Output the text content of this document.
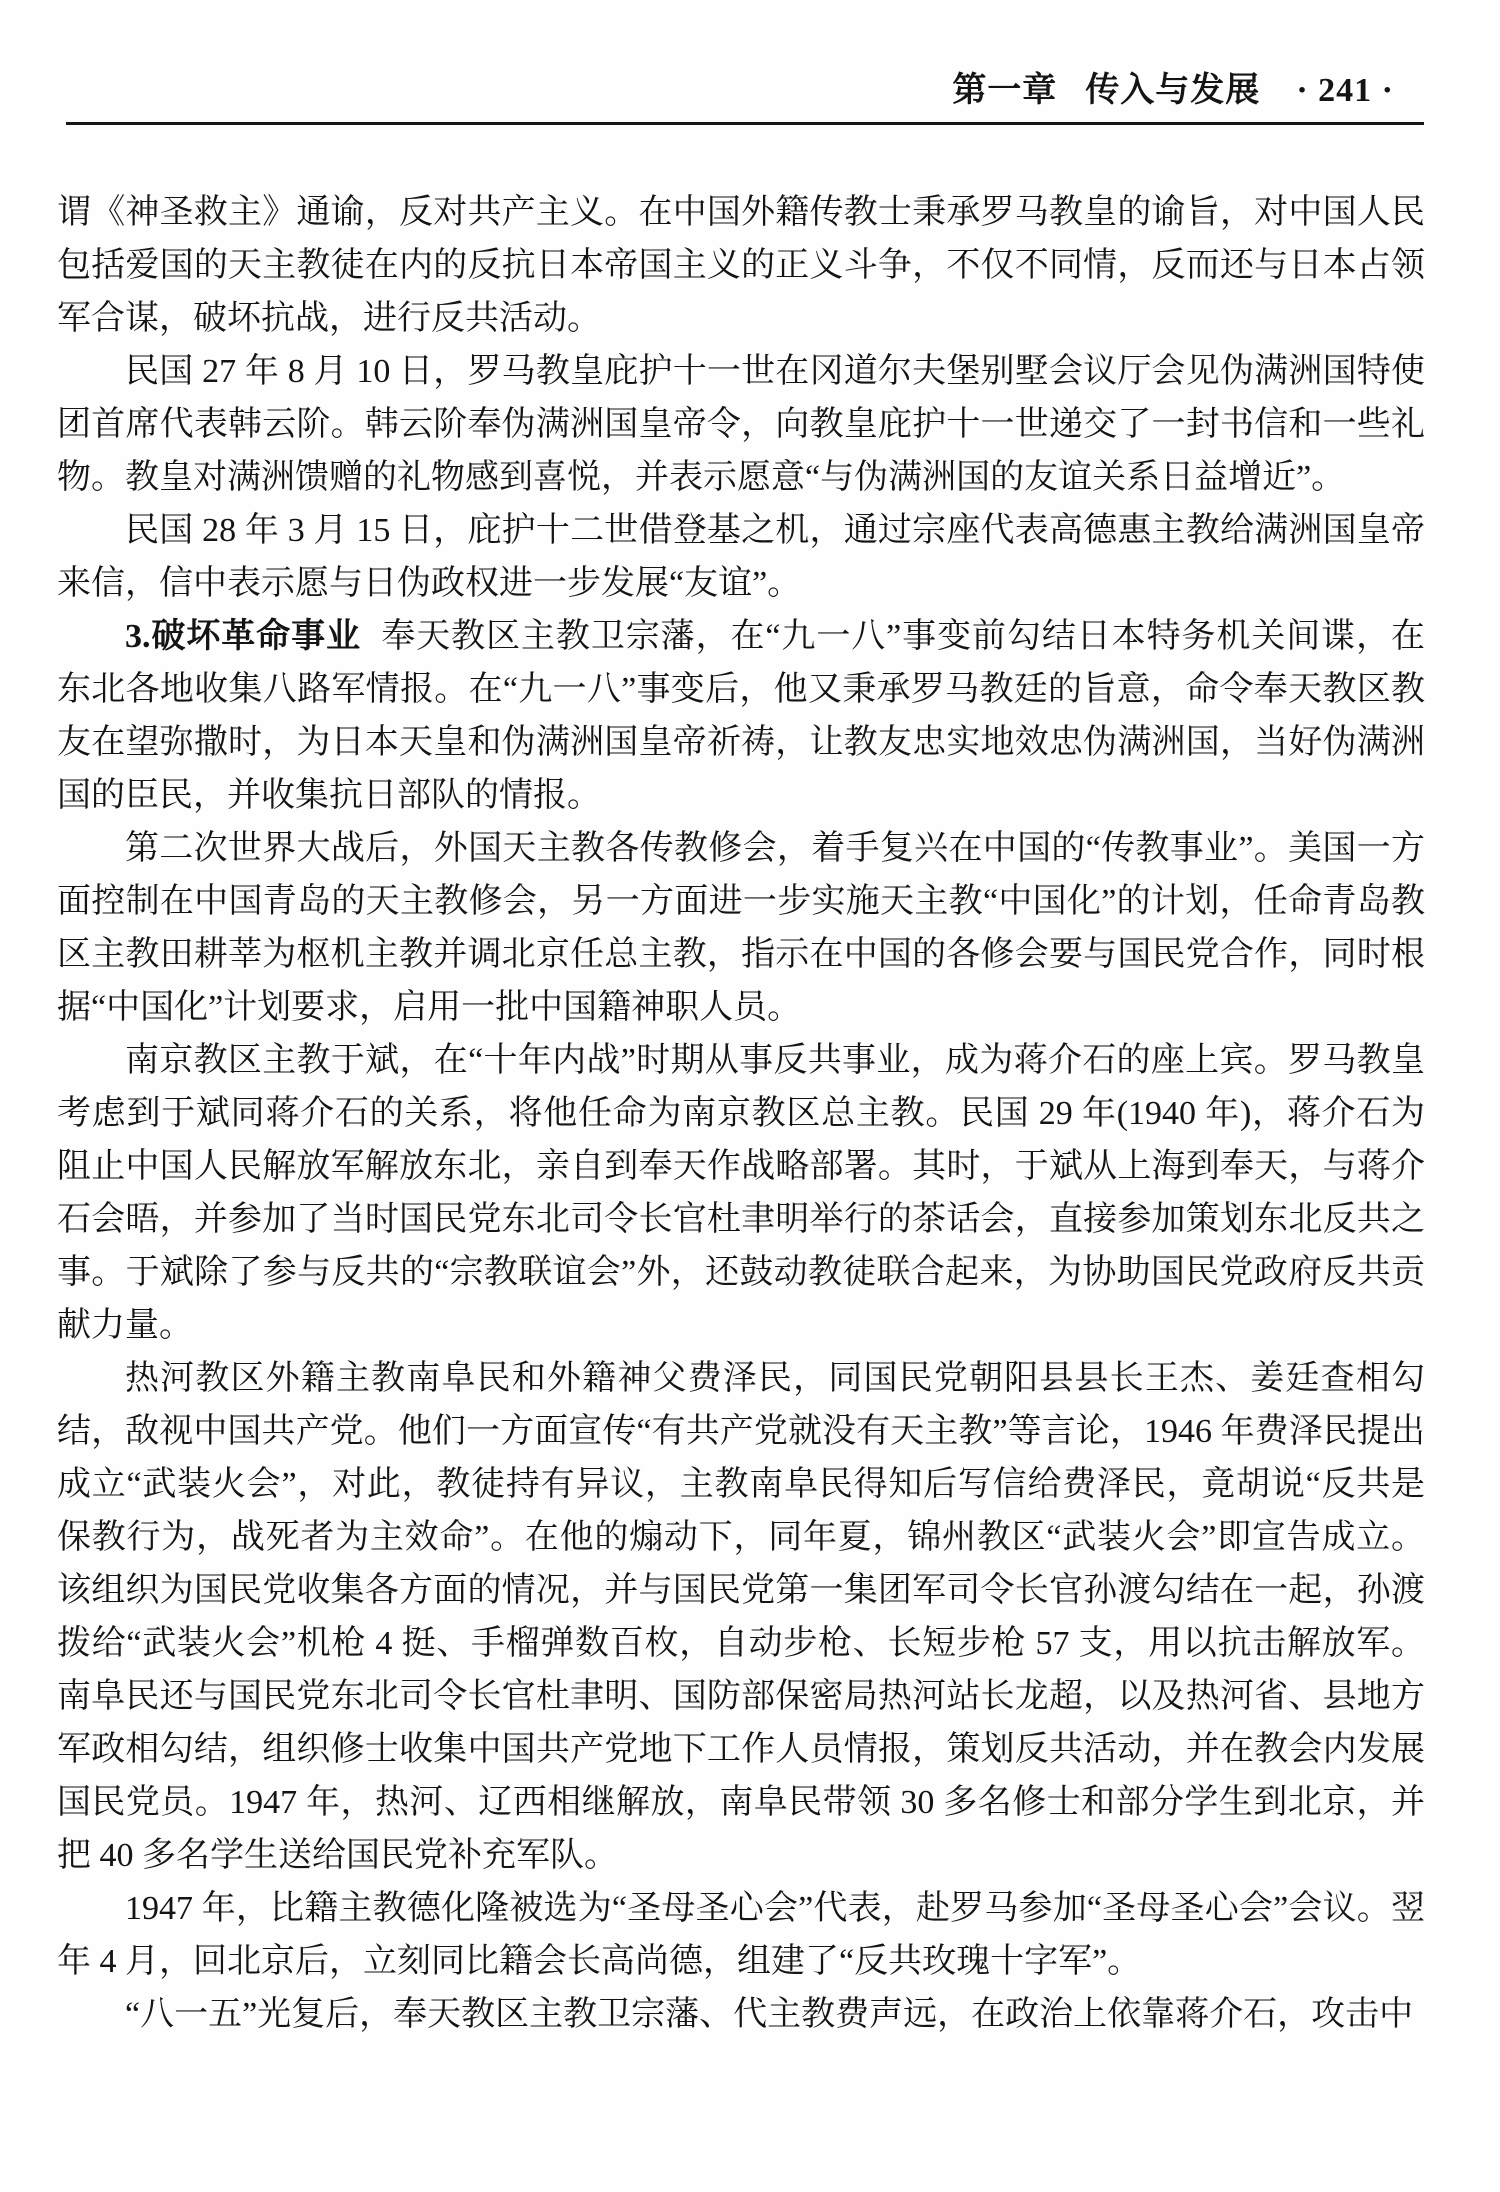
第一章 传入与发展 · 241 ·

谓《神圣救主》通谕，反对共产主义。在中国外籍传教士秉承罗马教皇的谕旨，对中国人民包括爱国的天主教徒在内的反抗日本帝国主义的正义斗争，不仅不同情，反而还与日本占领军合谋，破坏抗战，进行反共活动。

民国 27 年 8 月 10 日，罗马教皇庇护十一世在冈道尔夫堡别墅会议厅会见伪满洲国特使团首席代表韩云阶。韩云阶奉伪满洲国皇帝令，向教皇庇护十一世递交了一封书信和一些礼物。教皇对满洲馈赠的礼物感到喜悦，并表示愿意“与伪满洲国的友谊关系日益增近”。

民国 28 年 3 月 15 日，庇护十二世借登基之机，通过宗座代表高德惠主教给满洲国皇帝来信，信中表示愿与日伪政权进一步发展“友谊”。

3.破坏革命事业 奉天教区主教卫宗藩，在“九一八”事变前勾结日本特务机关间谍，在东北各地收集八路军情报。在“九一八”事变后，他又秉承罗马教廷的旨意，命令奉天教区教友在望弥撒时，为日本天皇和伪满洲国皇帝祈祷，让教友忠实地效忠伪满洲国，当好伪满洲国的臣民，并收集抗日部队的情报。

第二次世界大战后，外国天主教各传教修会，着手复兴在中国的“传教事业”。美国一方面控制在中国青岛的天主教修会，另一方面进一步实施天主教“中国化”的计划，任命青岛教区主教田耕莘为枢机主教并调北京任总主教，指示在中国的各修会要与国民党合作，同时根据“中国化”计划要求，启用一批中国籍神职人员。

南京教区主教于斌，在“十年内战”时期从事反共事业，成为蒋介石的座上宾。罗马教皇考虑到于斌同蒋介石的关系，将他任命为南京教区总主教。民国 29 年(1940 年)，蒋介石为阻止中国人民解放军解放东北，亲自到奉天作战略部署。其时，于斌从上海到奉天，与蒋介石会晤，并参加了当时国民党东北司令长官杜聿明举行的茶话会，直接参加策划东北反共之事。于斌除了参与反共的“宗教联谊会”外，还鼓动教徒联合起来，为协助国民党政府反共贡献力量。

热河教区外籍主教南阜民和外籍神父费泽民，同国民党朝阳县县长王杰、姜廷查相勾结，敌视中国共产党。他们一方面宣传“有共产党就没有天主教”等言论，1946 年费泽民提出成立“武装火会”，对此，教徒持有异议，主教南阜民得知后写信给费泽民，竟胡说“反共是保教行为，战死者为主效命”。在他的煽动下，同年夏，锦州教区“武装火会”即宣告成立。该组织为国民党收集各方面的情况，并与国民党第一集团军司令长官孙渡勾结在一起，孙渡拨给“武装火会”机枪 4 挺、手榴弹数百枚，自动步枪、长短步枪 57 支，用以抗击解放军。南阜民还与国民党东北司令长官杜聿明、国防部保密局热河站长龙超，以及热河省、县地方军政相勾结，组织修士收集中国共产党地下工作人员情报，策划反共活动，并在教会内发展国民党员。1947 年，热河、辽西相继解放，南阜民带领 30 多名修士和部分学生到北京，并把 40 多名学生送给国民党补充军队。

1947 年，比籍主教德化隆被选为“圣母圣心会”代表，赴罗马参加“圣母圣心会”会议。翌年 4 月，回北京后，立刻同比籍会长高尚德，组建了“反共玫瑰十字军”。

“八一五”光复后，奉天教区主教卫宗藩、代主教费声远，在政治上依靠蒋介石，攻击中
